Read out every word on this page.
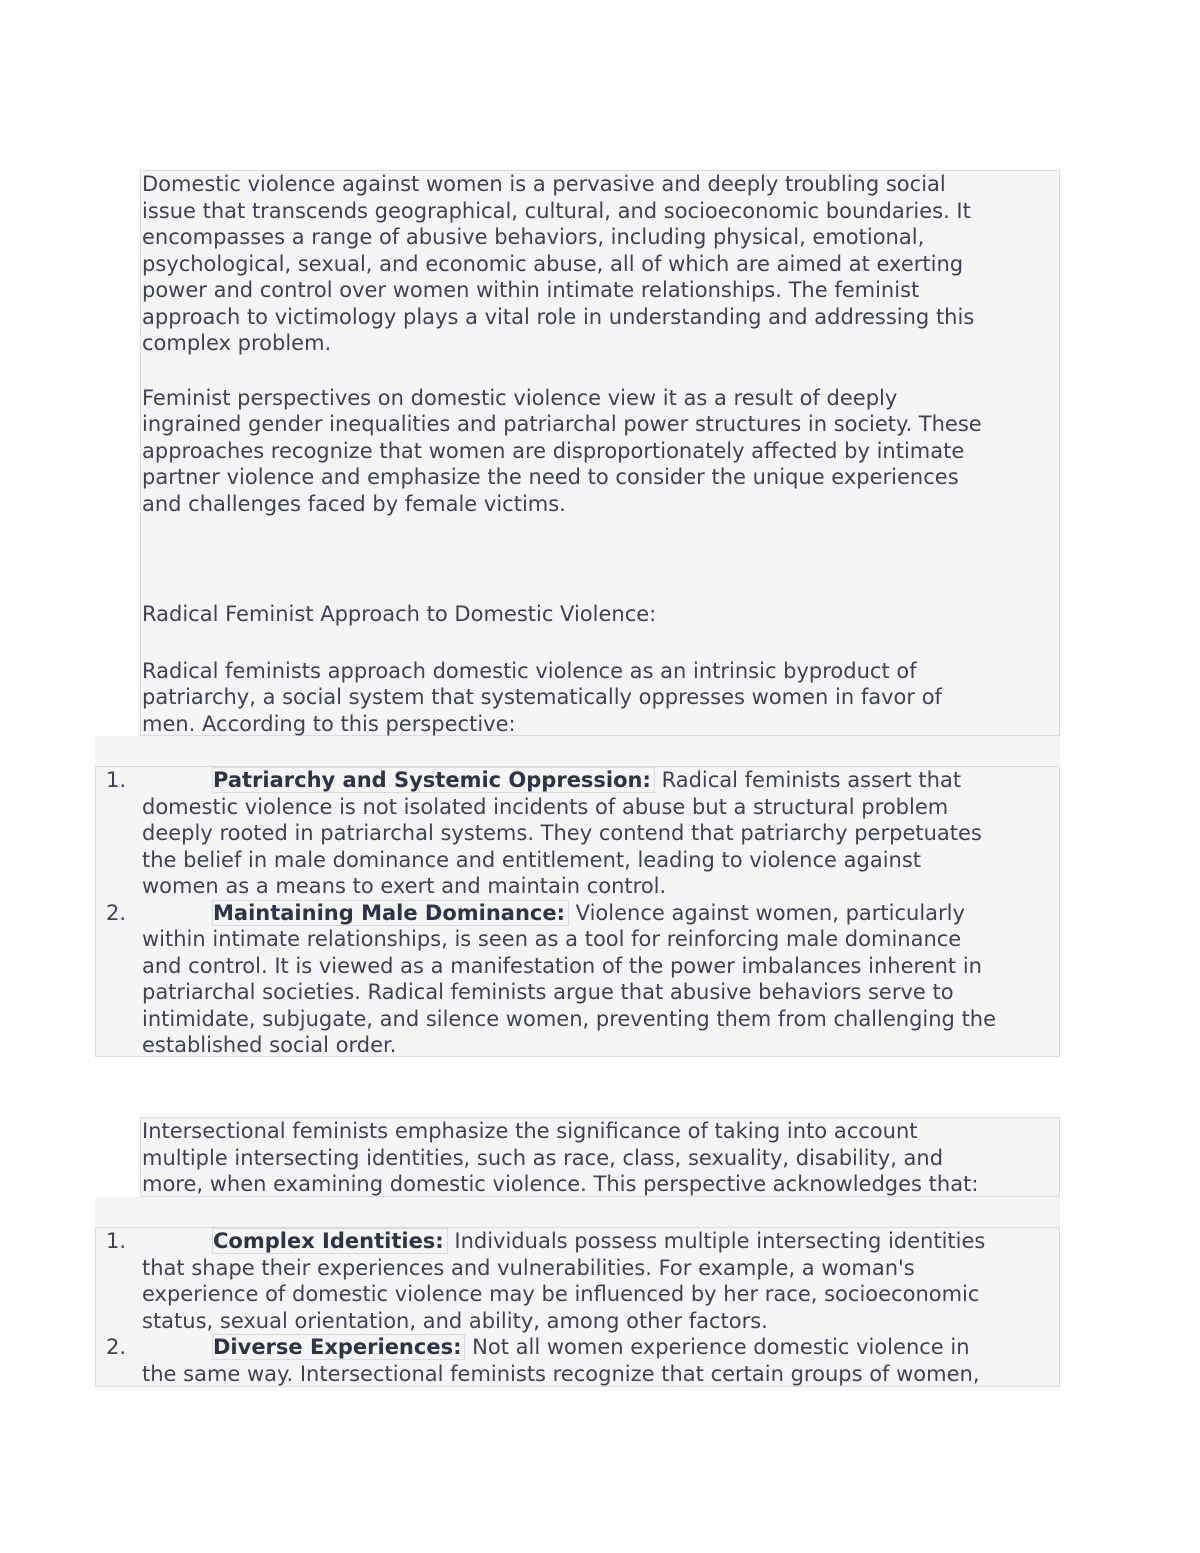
Domestic violence against women is a pervasive and deeply troubling social
issue that transcends geographical, cultural, and socioeconomic boundaries. It
encompasses a range of abusive behaviors, including physical, emotional,
psychological, sexual, and economic abuse, all of which are aimed at exerting
power and control over women within intimate relationships. The feminist
approach to victimology plays a vital role in understanding and addressing this
complex problem.

Feminist perspectives on domestic violence view it as a result of deeply
ingrained gender inequalities and patriarchal power structures in society. These
approaches recognize that women are disproportionately affected by intimate
partner violence and emphasize the need to consider the unique experiences
and challenges faced by female victims.

Radical Feminist Approach to Domestic Violence:

Radical feminists approach domestic violence as an intrinsic byproduct of
patriarchy, a social system that systematically oppresses women in favor of
men. According to this perspective:

1.	Patriarchy and Systemic Oppression: Radical feminists assert that
domestic violence is not isolated incidents of abuse but a structural problem
deeply rooted in patriarchal systems. They contend that patriarchy perpetuates
the belief in male dominance and entitlement, leading to violence against
women as a means to exert and maintain control.
2.	Maintaining Male Dominance: Violence against women, particularly
within intimate relationships, is seen as a tool for reinforcing male dominance
and control. It is viewed as a manifestation of the power imbalances inherent in
patriarchal societies. Radical feminists argue that abusive behaviors serve to
intimidate, subjugate, and silence women, preventing them from challenging the
established social order.
Intersectional feminists emphasize the significance of taking into account
multiple intersecting identities, such as race, class, sexuality, disability, and
more, when examining domestic violence. This perspective acknowledges that:
1.	Complex Identities: Individuals possess multiple intersecting identities
that shape their experiences and vulnerabilities. For example, a woman's
experience of domestic violence may be influenced by her race, socioeconomic
status, sexual orientation, and ability, among other factors.
2.	Diverse Experiences: Not all women experience domestic violence in
the same way. Intersectional feminists recognize that certain groups of women,
